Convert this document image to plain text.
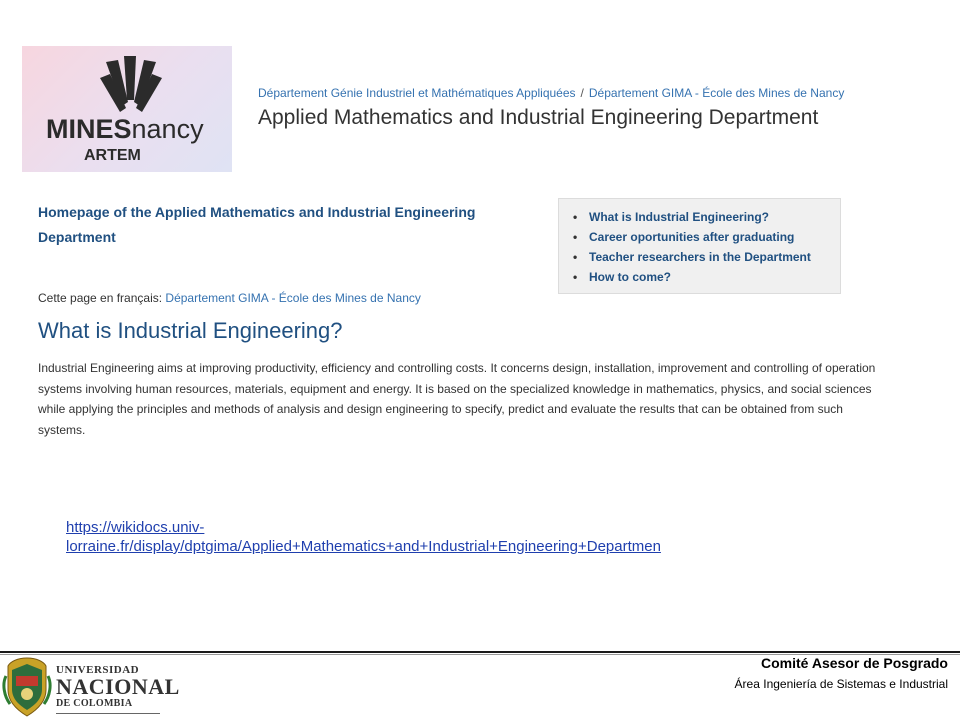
MINESnancy
ARTEM
Département Génie Industriel et Mathématiques Appliquées / Département GIMA - École des Mines de Nancy
Applied Mathematics and Industrial Engineering Department
Homepage of the Applied Mathematics and Industrial Engineering Department
Cette page en français: Département GIMA - École des Mines de Nancy
What is Industrial Engineering?
Industrial Engineering aims at improving productivity, efficiency and controlling costs. It concerns design, installation, improvement and controlling of operation systems involving human resources, materials, equipment and energy. It is based on the specialized knowledge in mathematics, physics, and social sciences while applying the principles and methods of analysis and design engineering to specify, predict and evaluate the results that can be obtained from such systems.
• What is Industrial Engineering?
• Career oportunities after graduating
• Teacher researchers in the Department
• How to come?
https://wikidocs.univ-
lorraine.fr/display/dptgima/Applied+Mathematics+and+Industrial+Engineering+Departmen
UNIVERSIDAD
NACIONAL
DE COLOMBIA
Comité Asesor de Posgrado
Área Ingeniería de Sistemas e Industrial
